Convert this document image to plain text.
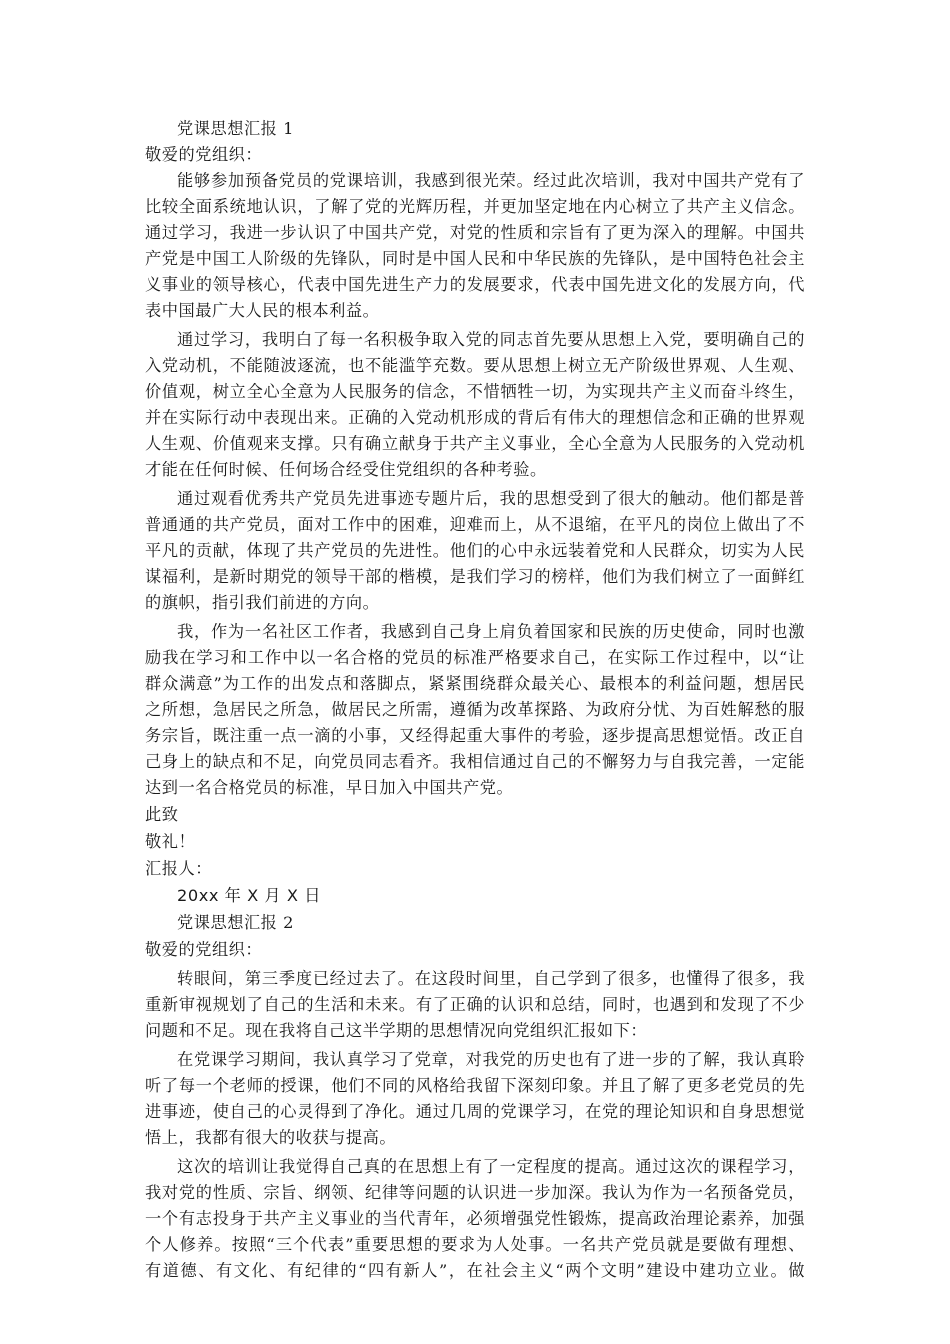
党课思想汇报 1
敬爱的党组织：
能够参加预备党员的党课培训，我感到很光荣。经过此次培训，我对中国共产党有了
比较全面系统地认识，了解了党的光辉历程，并更加坚定地在内心树立了共产主义信念。
通过学习，我进一步认识了中国共产党，对党的性质和宗旨有了更为深入的理解。中国共
产党是中国工人阶级的先锋队，同时是中国人民和中华民族的先锋队，是中国特色社会主
义事业的领导核心，代表中国先进生产力的发展要求，代表中国先进文化的发展方向，代
表中国最广大人民的根本利益。
通过学习，我明白了每一名积极争取入党的同志首先要从思想上入党，要明确自己的
入党动机，不能随波逐流，也不能滥竽充数。要从思想上树立无产阶级世界观、人生观、
价值观，树立全心全意为人民服务的信念，不惜牺牲一切，为实现共产主义而奋斗终生，
并在实际行动中表现出来。正确的入党动机形成的背后有伟大的理想信念和正确的世界观
人生观、价值观来支撑。只有确立献身于共产主义事业，全心全意为人民服务的入党动机
才能在任何时候、任何场合经受住党组织的各种考验。
通过观看优秀共产党员先进事迹专题片后，我的思想受到了很大的触动。他们都是普
普通通的共产党员，面对工作中的困难，迎难而上，从不退缩，在平凡的岗位上做出了不
平凡的贡献，体现了共产党员的先进性。他们的心中永远装着党和人民群众，切实为人民
谋福利，是新时期党的领导干部的楷模，是我们学习的榜样，他们为我们树立了一面鲜红
的旗帜，指引我们前进的方向。
我，作为一名社区工作者，我感到自己身上肩负着国家和民族的历史使命，同时也激
励我在学习和工作中以一名合格的党员的标准严格要求自己，在实际工作过程中，以“让
群众满意”为工作的出发点和落脚点，紧紧围绕群众最关心、最根本的利益问题，想居民
之所想，急居民之所急，做居民之所需，遵循为改革探路、为政府分忧、为百姓解愁的服
务宗旨，既注重一点一滴的小事，又经得起重大事件的考验，逐步提高思想觉悟。改正自
己身上的缺点和不足，向党员同志看齐。我相信通过自己的不懈努力与自我完善，一定能
达到一名合格党员的标准，早日加入中国共产党。
此致
敬礼！
汇报人：
20xx 年 X 月 X 日
党课思想汇报 2
敬爱的党组织：
转眼间，第三季度已经过去了。在这段时间里，自己学到了很多，也懂得了很多，我
重新审视规划了自己的生活和未来。有了正确的认识和总结，同时，也遇到和发现了不少
问题和不足。现在我将自己这半学期的思想情况向党组织汇报如下：
在党课学习期间，我认真学习了党章，对我党的历史也有了进一步的了解，我认真聆
听了每一个老师的授课，他们不同的风格给我留下深刻印象。并且了解了更多老党员的先
进事迹，使自己的心灵得到了净化。通过几周的党课学习，在党的理论知识和自身思想觉
悟上，我都有很大的收获与提高。
这次的培训让我觉得自己真的在思想上有了一定程度的提高。通过这次的课程学习，
我对党的性质、宗旨、纲领、纪律等问题的认识进一步加深。我认为作为一名预备党员，
一个有志投身于共产主义事业的当代青年，必须增强党性锻炼，提高政治理论素养，加强
个人修养。按照“三个代表”重要思想的要求为人处事。一名共产党员就是要做有理想、
有道德、有文化、有纪律的“四有新人”，在社会主义“两个文明”建设中建功立业。做
